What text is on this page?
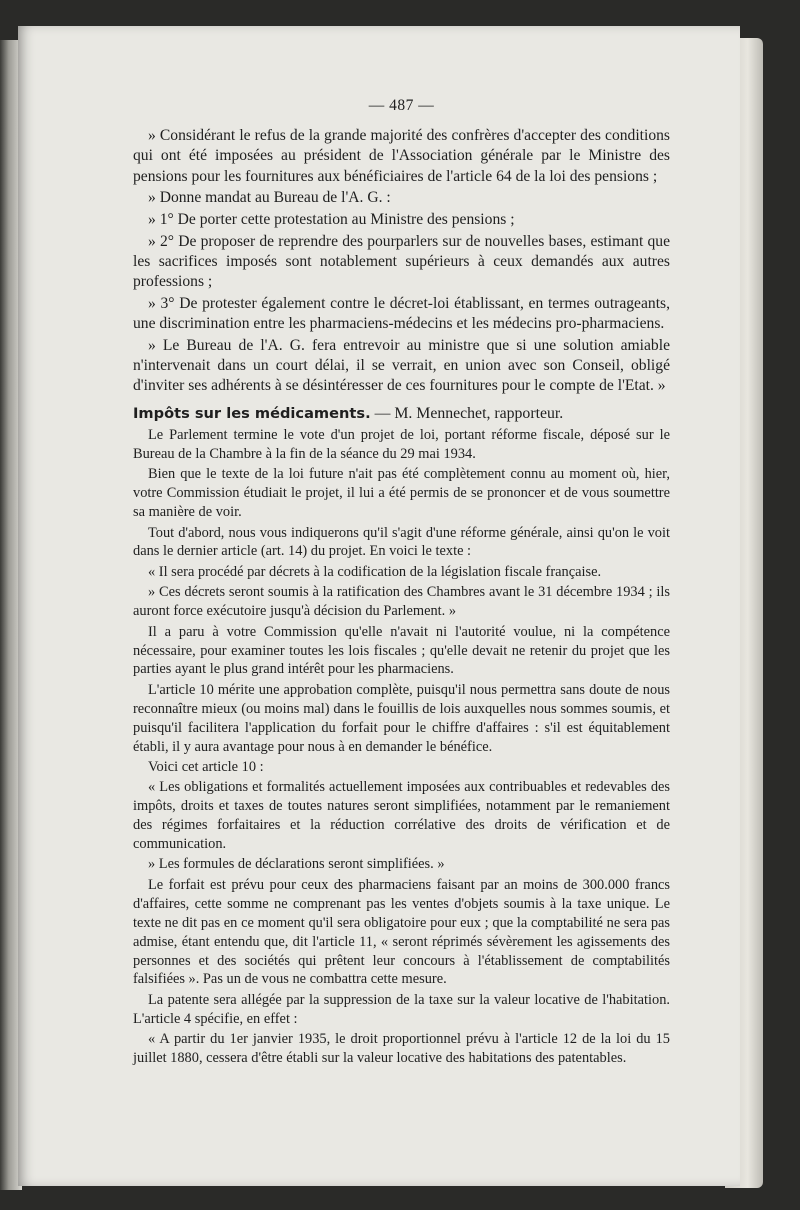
— 487 —

» Considérant le refus de la grande majorité des confrères d'accepter des conditions qui ont été imposées au président de l'Association générale par le Ministre des pensions pour les fournitures aux bénéficiaires de l'article 64 de la loi des pensions ;

» Donne mandat au Bureau de l'A. G. :

» 1° De porter cette protestation au Ministre des pensions ;

» 2° De proposer de reprendre des pourparlers sur de nouvelles bases, estimant que les sacrifices imposés sont notablement supérieurs à ceux demandés aux autres professions ;

» 3° De protester également contre le décret-loi établissant, en termes outrageants, une discrimination entre les pharmaciens-médecins et les médecins pro-pharmaciens.

» Le Bureau de l'A. G. fera entrevoir au ministre que si une solution amiable n'intervenait dans un court délai, il se verrait, en union avec son Conseil, obligé d'inviter ses adhérents à se désintéresser de ces fournitures pour le compte de l'Etat. »

Impôts sur les médicaments. — M. Mennechet, rapporteur.

Le Parlement termine le vote d'un projet de loi, portant réforme fiscale, déposé sur le Bureau de la Chambre à la fin de la séance du 29 mai 1934.

Bien que le texte de la loi future n'ait pas été complètement connu au moment où, hier, votre Commission étudiait le projet, il lui a été permis de se prononcer et de vous soumettre sa manière de voir.

Tout d'abord, nous vous indiquerons qu'il s'agit d'une réforme générale, ainsi qu'on le voit dans le dernier article (art. 14) du projet. En voici le texte :

« Il sera procédé par décrets à la codification de la législation fiscale française.

» Ces décrets seront soumis à la ratification des Chambres avant le 31 décembre 1934 ; ils auront force exécutoire jusqu'à décision du Parlement. »

Il a paru à votre Commission qu'elle n'avait ni l'autorité voulue, ni la compétence nécessaire, pour examiner toutes les lois fiscales ; qu'elle devait ne retenir du projet que les parties ayant le plus grand intérêt pour les pharmaciens.

L'article 10 mérite une approbation complète, puisqu'il nous permettra sans doute de nous reconnaître mieux (ou moins mal) dans le fouillis de lois auxquelles nous sommes soumis, et puisqu'il facilitera l'application du forfait pour le chiffre d'affaires : s'il est équitablement établi, il y aura avantage pour nous à en demander le bénéfice.

Voici cet article 10 :

« Les obligations et formalités actuellement imposées aux contribuables et redevables des impôts, droits et taxes de toutes natures seront simplifiées, notamment par le remaniement des régimes forfaitaires et la réduction corrélative des droits de vérification et de communication.

» Les formules de déclarations seront simplifiées. »

Le forfait est prévu pour ceux des pharmaciens faisant par an moins de 300.000 francs d'affaires, cette somme ne comprenant pas les ventes d'objets soumis à la taxe unique. Le texte ne dit pas en ce moment qu'il sera obligatoire pour eux ; que la comptabilité ne sera pas admise, étant entendu que, dit l'article 11, « seront réprimés sévèrement les agissements des personnes et des sociétés qui prêtent leur concours à l'établissement de comptabilités falsifiées ». Pas un de vous ne combattra cette mesure.

La patente sera allégée par la suppression de la taxe sur la valeur locative de l'habitation. L'article 4 spécifie, en effet :

« A partir du 1er janvier 1935, le droit proportionnel prévu à l'article 12 de la loi du 15 juillet 1880, cessera d'être établi sur la valeur locative des habitations des patentables.
